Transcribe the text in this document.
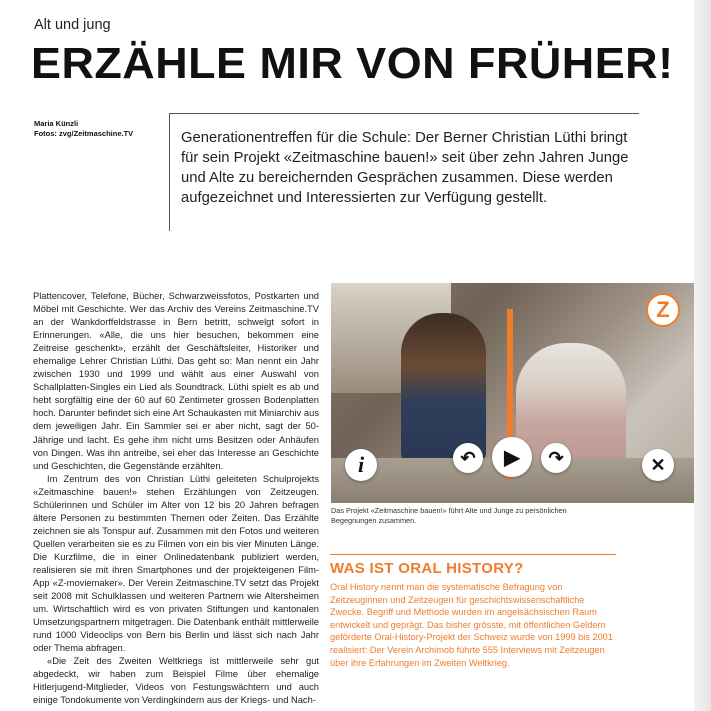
Alt und jung
ERZÄHLE MIR VON FRÜHER!
Maria Künzli
Fotos: zvg/Zeitmaschine.TV	Generationentreffen für die Schule: Der Berner Christian Lüthi bringt für sein Projekt «Zeitmaschine bauen!» seit über zehn Jahren Junge und Alte zu bereichernden Gesprächen zusammen. Diese werden aufgezeichnet und Interessierten zur Verfügung gestellt.

Plattencover, Telefone, Bücher, Schwarzweissfotos, Postkarten und Möbel mit Geschichte. Wer das Archiv des Vereins Zeitmaschine.TV an der Wankdorffeldstrasse in Bern betritt, schwelgt sofort in Erinnerungen. «Alle, die uns hier besuchen, bekommen eine Zeitreise geschenkt», erzählt der Geschäftsleiter, Historiker und ehemalige Lehrer Christian Lüthi. Das geht so: Man nennt ein Jahr zwischen 1930 und 1999 und wählt aus einer Auswahl von Schallplatten-Singles ein Lied als Soundtrack. Lüthi spielt es ab und hebt sorgfältig eine der 60 auf 60 Zentimeter grossen Bodenplatten hoch. Darunter befindet sich eine Art Schaukasten mit Miniarchiv aus dem jeweiligen Jahr. Ein Sammler sei er aber nicht, sagt der 50-Jährige und lacht. Es gehe ihm nicht ums Besitzen oder Anhäufen von Dingen. Was ihn antreibe, sei eher das Interesse an Geschichte und Geschichten, die Gegenstände erzählten.

Im Zentrum des von Christian Lüthi geleiteten Schulprojekts «Zeitmaschine bauen!» stehen Erzählungen von Zeitzeugen. Schülerinnen und Schüler im Alter von 12 bis 20 Jahren befragen ältere Personen zu bestimmten Themen oder Zeiten. Das Erzählte zeichnen sie als Tonspur auf. Zusammen mit den Fotos und weiteren Quellen verarbeiten sie es zu Filmen von ein bis vier Minuten Länge. Die Kurzfilme, die in einer Onlinedatenbank publiziert werden, realisieren sie mit ihren Smartphones und der projekteigenen Film-App «Z-moviemaker». Der Verein Zeitmaschine.TV setzt das Projekt seit 2008 mit Schulklassen und weiteren Partnern wie Altersheimen um. Wirtschaftlich wird es von privaten Stiftungen und kantonalen Umsetzungspartnern mitgetragen. Die Datenbank enthält mittlerweile rund 1000 Videoclips von Bern bis Berlin und lässt sich nach Jahr oder Thema abfragen.

«Die Zeit des Zweiten Weltkriegs ist mittlerweile sehr gut abgedeckt, wir haben zum Beispiel Filme über ehemalige Hitlerjugend-Mitglieder, Videos von Festungswächtern und auch einige Tondokumente von Verdingkindern aus der Kriegs- und Nach-

Z
i	↶	▶	↷	✕
Das Projekt «Zeitmaschine bauen!» führt Alte und Junge zu persönlichen Begegnungen zusammen.
WAS IST ORAL HISTORY?

Oral History nennt man die systematische Befragung von Zeitzeuginnen und Zeitzeugen für geschichtswissenschaftliche Zwecke. Begriff und Methode wurden im angelsächsischen Raum entwickelt und geprägt. Das bisher grösste, mit öffentlichen Geldern geförderte Oral-History-Projekt der Schweiz wurde von 1999 bis 2001 realisiert: Der Verein Archimob führte 555 Interviews mit Zeitzeugen über ihre Erfahrungen im Zweiten Weltkrieg.
